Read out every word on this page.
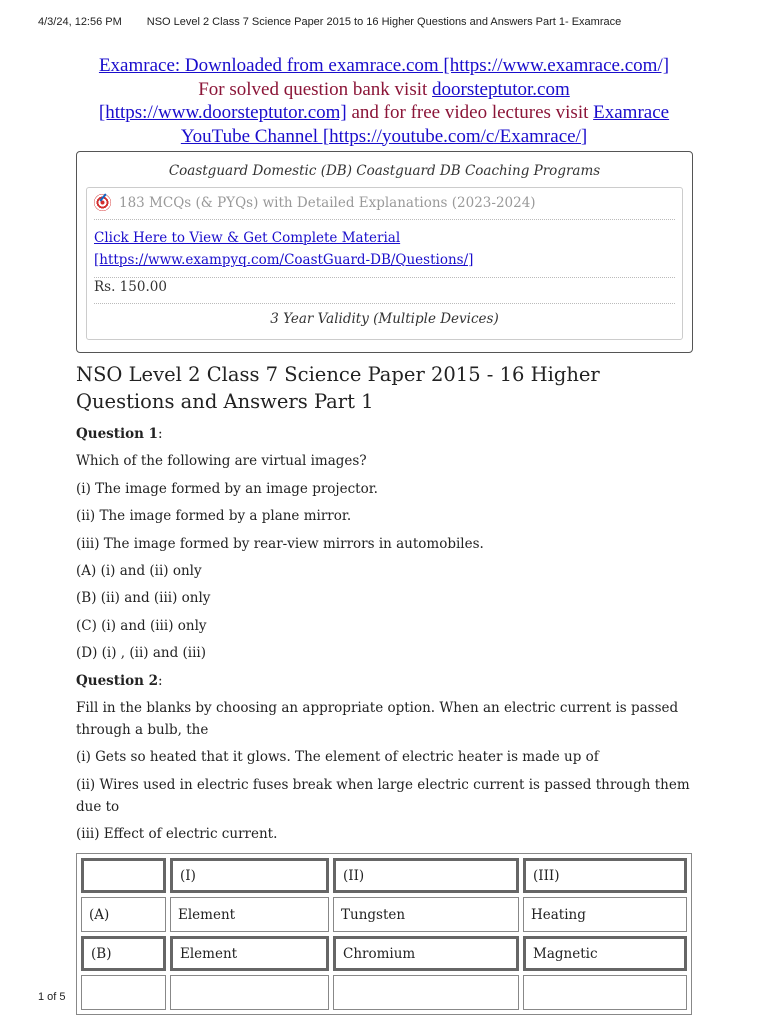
4/3/24, 12:56 PM	NSO Level 2 Class 7 Science Paper 2015 to 16 Higher Questions and Answers Part 1- Examrace
Examrace: Downloaded from examrace.com [https://www.examrace.com/]
For solved question bank visit doorsteptutor.com
[https://www.doorsteptutor.com] and for free video lectures visit Examrace YouTube Channel [https://youtube.com/c/Examrace/]
Coastguard Domestic (DB) Coastguard DB Coaching Programs
183 MCQs (& PYQs) with Detailed Explanations (2023-2024)
Click Here to View & Get Complete Material [https://www.exampyq.com/CoastGuard-DB/Questions/]
Rs. 150.00
3 Year Validity (Multiple Devices)
NSO Level 2 Class 7 Science Paper 2015 - 16 Higher Questions and Answers Part 1

Question 1:

Which of the following are virtual images?

(i) The image formed by an image projector.

(ii) The image formed by a plane mirror.

(iii) The image formed by rear-view mirrors in automobiles.

(A) (i) and (ii) only

(B) (ii) and (iii) only

(C) (i) and (iii) only

(D) (i) , (ii) and (iii)

Question 2:

Fill in the blanks by choosing an appropriate option. When an electric current is passed through a bulb, the

(i) Gets so heated that it glows. The element of electric heater is made up of

(ii) Wires used in electric fuses break when large electric current is passed through them due to

(iii) Effect of electric current.

	(I)	(II)	(III)
(A)	Element	Tungsten	Heating
(B)	Element	Chromium	Magnetic

1 of 5
